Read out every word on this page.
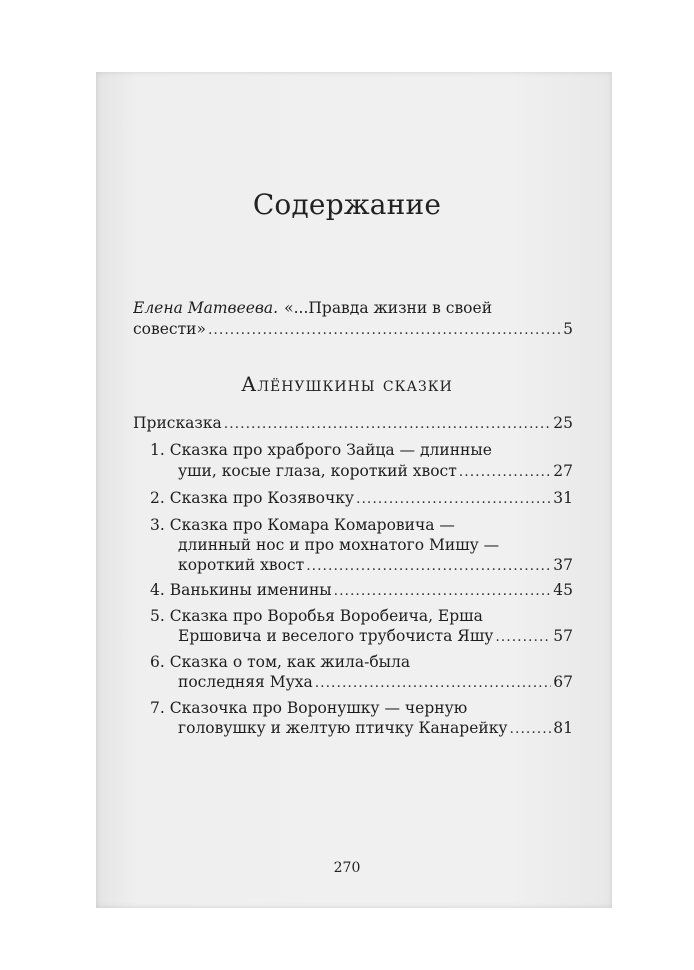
Содержание
Елена Матвеева. «...Правда жизни в своей
совести» .....	5
Алёнушкины сказки
Присказка .....	25
1. Сказка про храброго Зайца — длинные
уши, косые глаза, короткий хвост .....	27
2. Сказка про Козявочку .....	31
3. Сказка про Комара Комаровича —
длинный нос и про мохнатого Мишу —
короткий хвост .....	37
4. Ванькины именины .....	45
5. Сказка про Воробья Воробеича, Ерша
Ершовича и веселого трубочиста Яшу .....	57
6. Сказка о том, как жила-была
последняя Муха .....	67
7. Сказочка про Воронушку — черную
головушку и желтую птичку Канарейку .....	81
270
